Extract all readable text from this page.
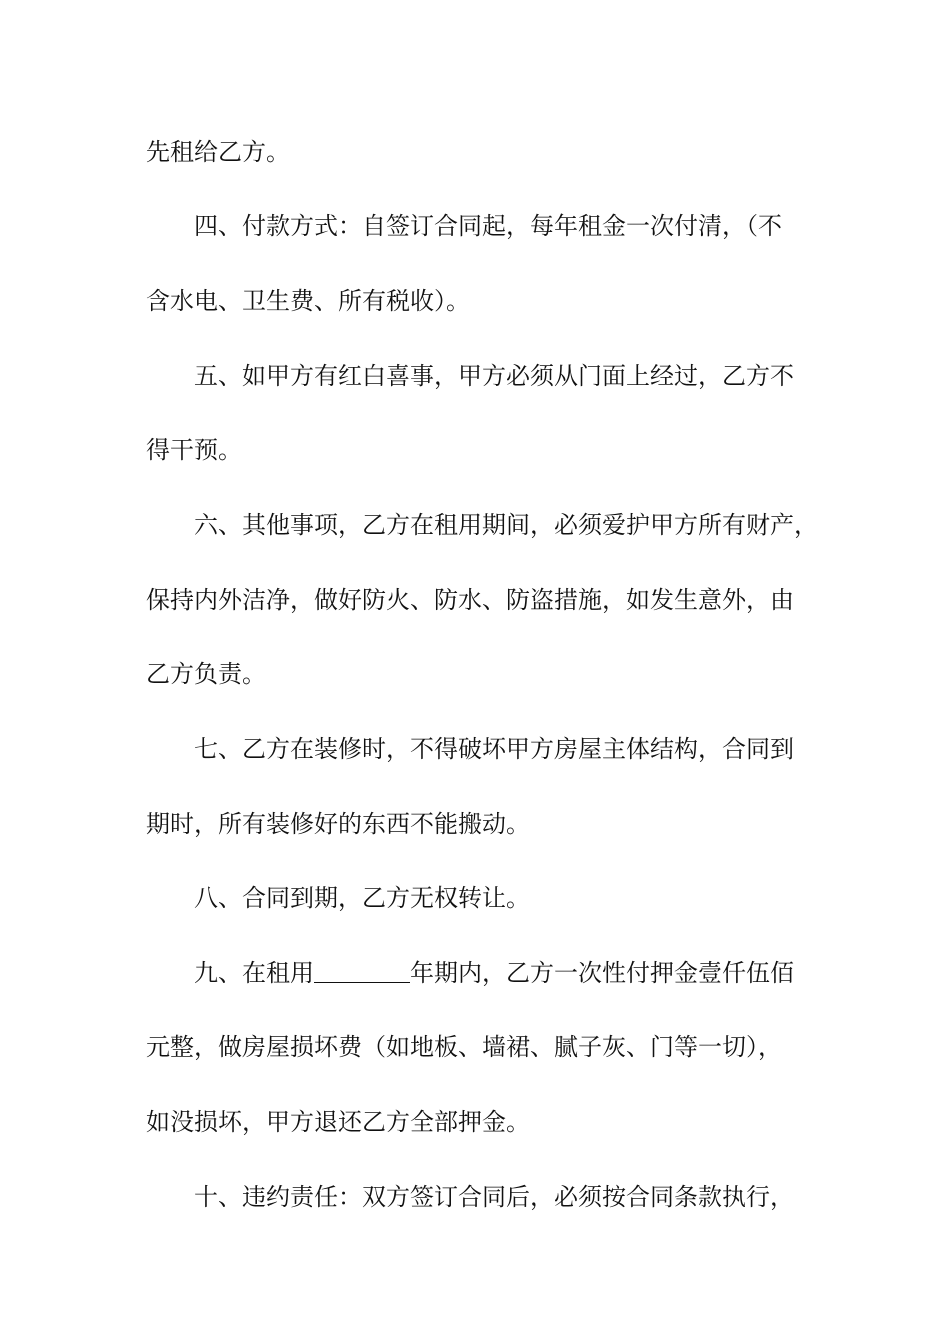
先租给乙方。
四、付款方式：自签订合同起，每年租金一次付清，（不
含水电、卫生费、所有税收）。
五、如甲方有红白喜事，甲方必须从门面上经过，乙方不
得干预。
六、其他事项，乙方在租用期间，必须爱护甲方所有财产，
保持内外洁净，做好防火、防水、防盗措施，如发生意外，由
乙方负责。
七、乙方在装修时，不得破坏甲方房屋主体结构，合同到
期时，所有装修好的东西不能搬动。
八、合同到期，乙方无权转让。
九、在租用	年期内，乙方一次性付押金壹仟伍佰
元整，做房屋损坏费（如地板、墙裙、腻子灰、门等一切），
如没损坏，甲方退还乙方全部押金。
十、违约责任：双方签订合同后，必须按合同条款执行，
